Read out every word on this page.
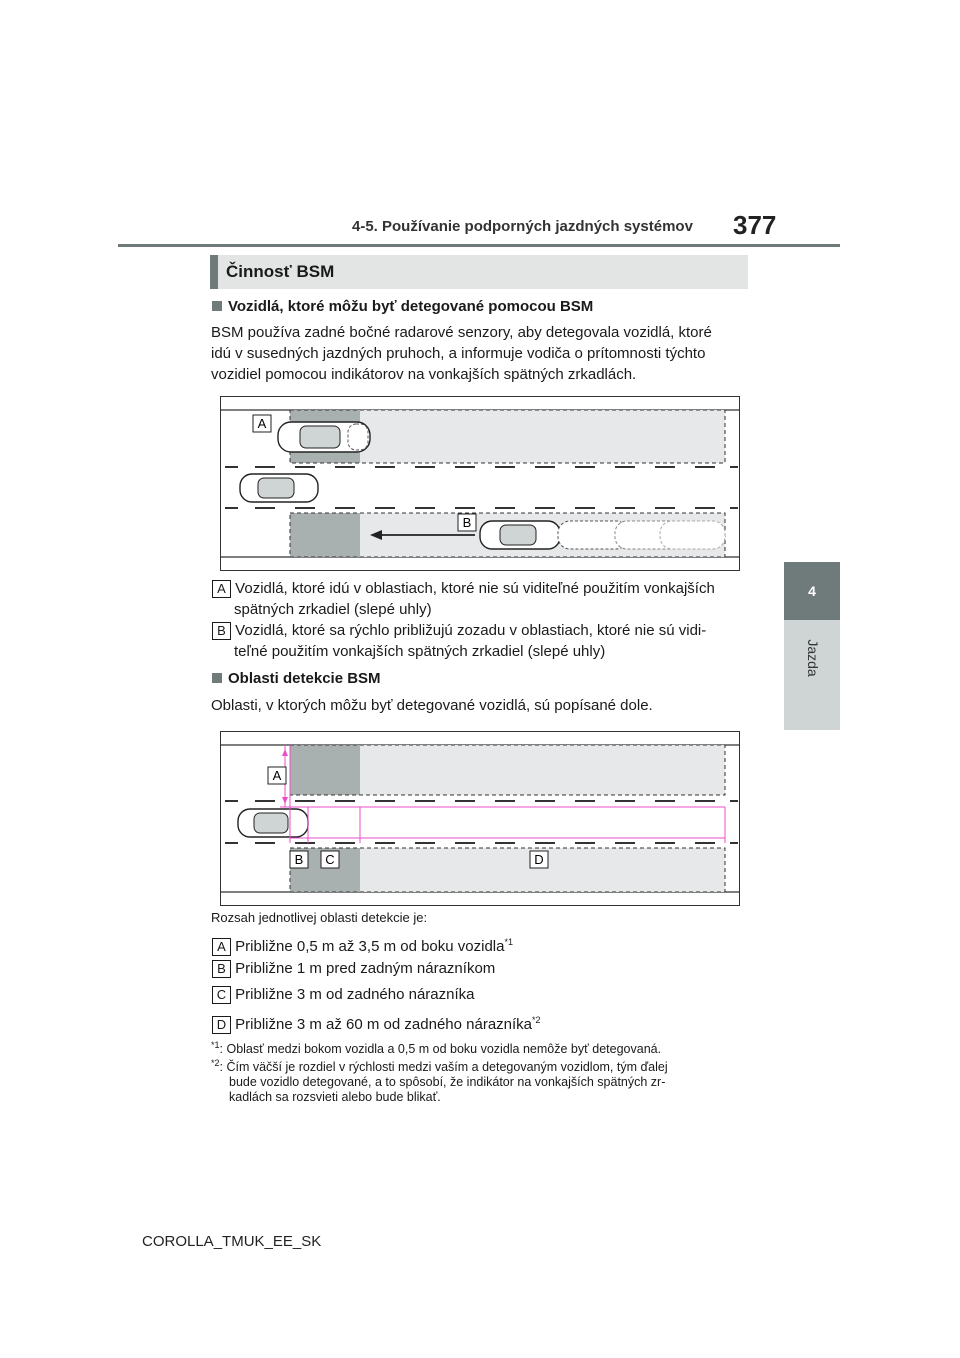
4-5. Používanie podporných jazdných systémov 377
4
Jazda
Činnosť BSM
Vozidlá, ktoré môžu byť detegované pomocou BSM
BSM používa zadné bočné radarové senzory, aby detegovala vozidlá, ktoré
idú v susedných jazdných pruhoch, a informuje vodiča o prítomnosti týchto
vozidiel pomocou indikátorov na vonkajších spätných zrkadlách.
A
B
A Vozidlá, ktoré idú v oblastiach, ktoré nie sú viditeľné použitím vonkajších
spätných zrkadiel (slepé uhly)
B Vozidlá, ktoré sa rýchlo približujú zozadu v oblastiach, ktoré nie sú vidi-
teľné použitím vonkajších spätných zrkadiel (slepé uhly)
Oblasti detekcie BSM
Oblasti, v ktorých môžu byť detegované vozidlá, sú popísané dole.
A
B C	D
Rozsah jednotlivej oblasti detekcie je:
A Približne 0,5 m až 3,5 m od boku vozidla$^{*1}$
B Približne 1 m pred zadným nárazníkom
C Približne 3 m od zadného nárazníka
D Približne 3 m až 60 m od zadného nárazníka$^{*2}$
$^{*1}$: Oblasť medzi bokom vozidla a 0,5 m od boku vozidla nemôže byť detegovaná.
$^{*2}$: Čím väčší je rozdiel v rýchlosti medzi vaším a detegovaným vozidlom, tým ďalej
bude vozidlo detegované, a to spôsobí, že indikátor na vonkajších spätných zr-
kadlách sa rozsvieti alebo bude blikať.
COROLLA_TMUK_EE_SK
